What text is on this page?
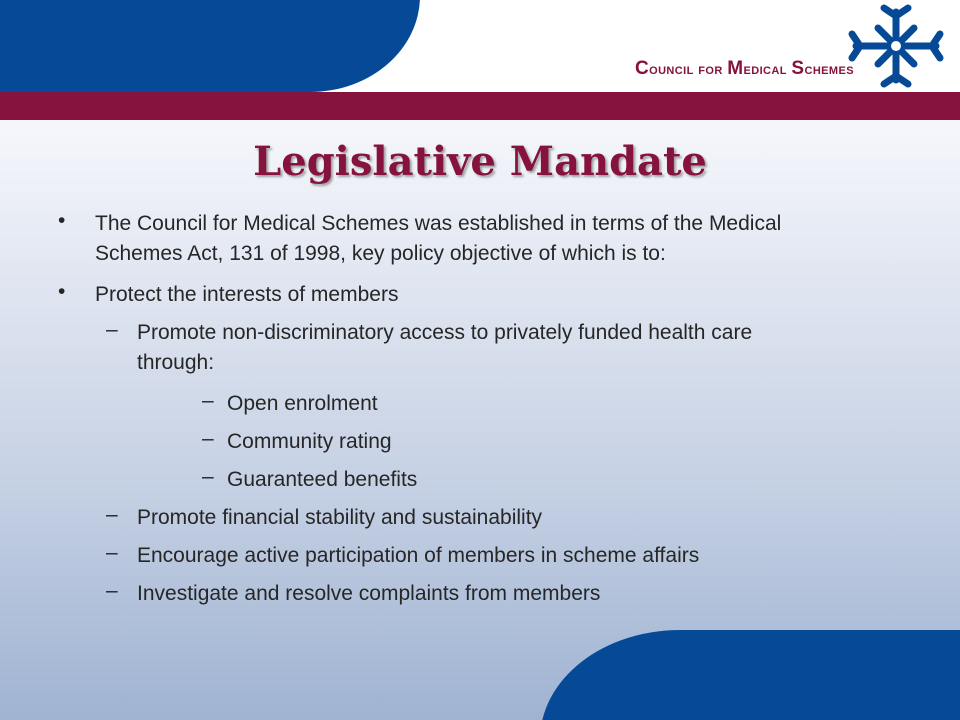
Council for Medical Schemes
Legislative Mandate
• The Council for Medical Schemes was established in terms of the Medical
Schemes Act, 131 of 1998, key policy objective of which is to:
• Protect the interests of members
– Promote non-discriminatory access to privately funded health care
through:
– Open enrolment
– Community rating
– Guaranteed benefits
– Promote financial stability and sustainability
– Encourage active participation of members in scheme affairs
– Investigate and resolve complaints from members
